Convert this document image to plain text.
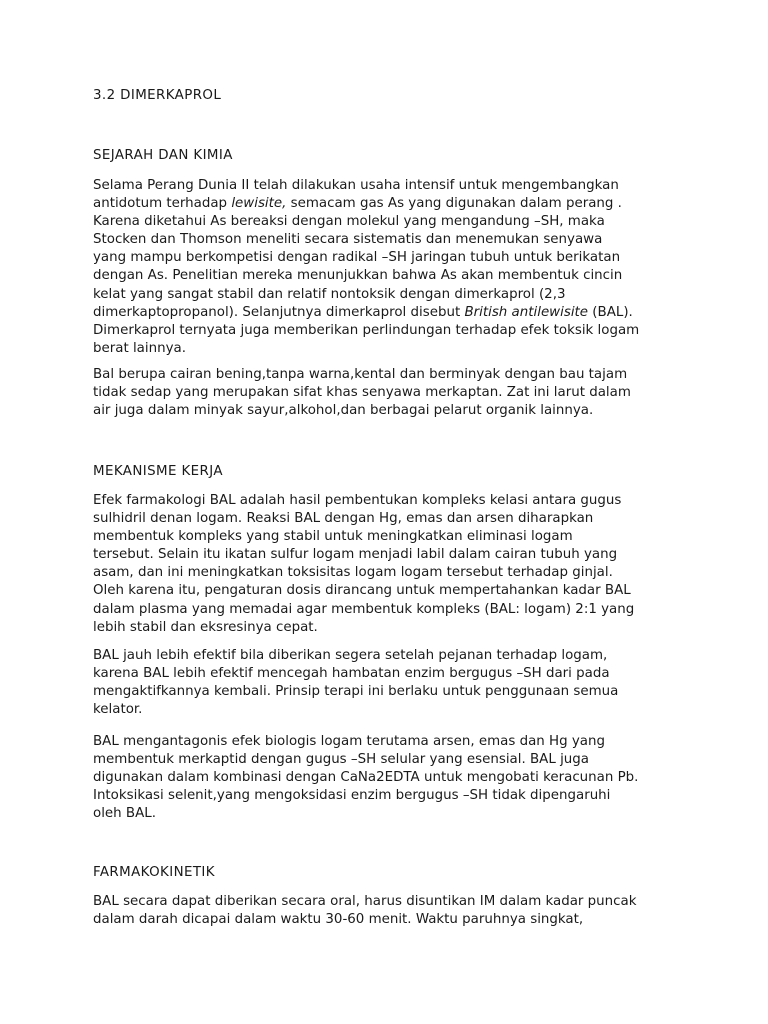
3.2 DIMERKAPROL
SEJARAH DAN KIMIA

Selama Perang Dunia II telah dilakukan usaha intensif untuk mengembangkan
antidotum terhadap lewisite, semacam gas As yang digunakan dalam perang .
Karena diketahui As bereaksi dengan molekul yang mengandung –SH, maka
Stocken dan Thomson meneliti secara sistematis dan menemukan senyawa
yang mampu berkompetisi dengan radikal –SH jaringan tubuh untuk berikatan
dengan As. Penelitian mereka menunjukkan bahwa As akan membentuk cincin
kelat yang sangat stabil dan relatif nontoksik dengan dimerkaprol (2,3
dimerkaptopropanol). Selanjutnya dimerkaprol disebut British antilewisite (BAL).
Dimerkaprol ternyata juga memberikan perlindungan terhadap efek toksik logam
berat lainnya.

Bal berupa cairan bening,tanpa warna,kental dan berminyak dengan bau tajam
tidak sedap yang merupakan sifat khas senyawa merkaptan. Zat ini larut dalam
air juga dalam minyak sayur,alkohol,dan berbagai pelarut organik lainnya.

MEKANISME KERJA

Efek farmakologi BAL adalah hasil pembentukan kompleks kelasi antara gugus
sulhidril denan logam. Reaksi BAL dengan Hg, emas dan arsen diharapkan
membentuk kompleks yang stabil untuk meningkatkan eliminasi logam
tersebut. Selain itu ikatan sulfur logam menjadi labil dalam cairan tubuh yang
asam, dan ini meningkatkan toksisitas logam logam tersebut terhadap ginjal.
Oleh karena itu, pengaturan dosis dirancang untuk mempertahankan kadar BAL
dalam plasma yang memadai agar membentuk kompleks (BAL: logam) 2:1 yang
lebih stabil dan eksresinya cepat.

BAL jauh lebih efektif bila diberikan segera setelah pejanan terhadap logam,
karena BAL lebih efektif mencegah hambatan enzim bergugus –SH dari pada
mengaktifkannya kembali. Prinsip terapi ini berlaku untuk penggunaan semua
kelator.

BAL mengantagonis efek biologis logam terutama arsen, emas dan Hg yang
membentuk merkaptid dengan gugus –SH selular yang esensial. BAL juga
digunakan dalam kombinasi dengan CaNa2EDTA untuk mengobati keracunan Pb.
Intoksikasi selenit,yang mengoksidasi enzim bergugus –SH tidak dipengaruhi
oleh BAL.

FARMAKOKINETIK

BAL secara dapat diberikan secara oral, harus disuntikan IM dalam kadar puncak
dalam darah dicapai dalam waktu 30-60 menit. Waktu paruhnya singkat,
